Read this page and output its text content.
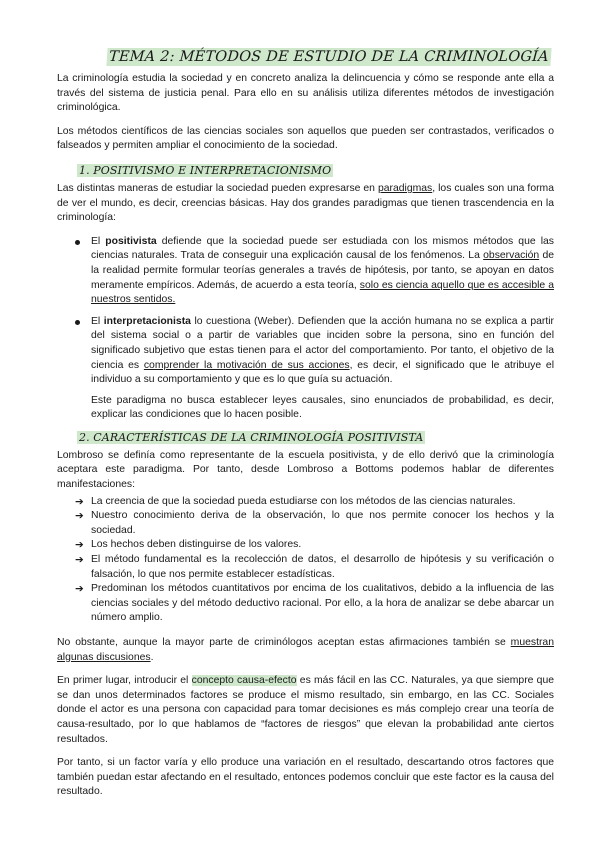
TEMA 2: MÉTODOS DE ESTUDIO DE LA CRIMINOLOGÍA

La criminología estudia la sociedad y en concreto analiza la delincuencia y cómo se responde ante ella a través del sistema de justicia penal. Para ello en su análisis utiliza diferentes métodos de investigación criminológica.

Los métodos científicos de las ciencias sociales son aquellos que pueden ser contrastados, verificados o falseados y permiten ampliar el conocimiento de la sociedad.

1. POSITIVISMO E INTERPRETACIONISMO

Las distintas maneras de estudiar la sociedad pueden expresarse en paradigmas, los cuales son una forma de ver el mundo, es decir, creencias básicas. Hay dos grandes paradigmas que tienen trascendencia en la criminología:

El positivista defiende que la sociedad puede ser estudiada con los mismos métodos que las ciencias naturales. Trata de conseguir una explicación causal de los fenómenos. La observación de la realidad permite formular teorías generales a través de hipótesis, por tanto, se apoyan en datos meramente empíricos. Además, de acuerdo a esta teoría, solo es ciencia aquello que es accesible a nuestros sentidos.

El interpretacionista lo cuestiona (Weber). Defienden que la acción humana no se explica a partir del sistema social o a partir de variables que inciden sobre la persona, sino en función del significado subjetivo que estas tienen para el actor del comportamiento. Por tanto, el objetivo de la ciencia es comprender la motivación de sus acciones, es decir, el significado que le atribuye el individuo a su comportamiento y que es lo que guía su actuación.

Este paradigma no busca establecer leyes causales, sino enunciados de probabilidad, es decir, explicar las condiciones que lo hacen posible.

2. CARACTERÍSTICAS DE LA CRIMINOLOGÍA POSITIVISTA

Lombroso se definía como representante de la escuela positivista, y de ello derivó que la criminología aceptara este paradigma. Por tanto, desde Lombroso a Bottoms podemos hablar de diferentes manifestaciones:

➔ La creencia de que la sociedad pueda estudiarse con los métodos de las ciencias naturales.

➔ Nuestro conocimiento deriva de la observación, lo que nos permite conocer los hechos y la sociedad.

➔ Los hechos deben distinguirse de los valores.

➔ El método fundamental es la recolección de datos, el desarrollo de hipótesis y su verificación o falsación, lo que nos permite establecer estadísticas.

➔ Predominan los métodos cuantitativos por encima de los cualitativos, debido a la influencia de las ciencias sociales y del método deductivo racional. Por ello, a la hora de analizar se debe abarcar un número amplio.

No obstante, aunque la mayor parte de criminólogos aceptan estas afirmaciones también se muestran algunas discusiones.

En primer lugar, introducir el concepto causa-efecto es más fácil en las CC. Naturales, ya que siempre que se dan unos determinados factores se produce el mismo resultado, sin embargo, en las CC. Sociales donde el actor es una persona con capacidad para tomar decisiones es más complejo crear una teoría de causa-resultado, por lo que hablamos de “factores de riesgos” que elevan la probabilidad ante ciertos resultados.

Por tanto, si un factor varía y ello produce una variación en el resultado, descartando otros factores que también puedan estar afectando en el resultado, entonces podemos concluir que este factor es la causa del resultado.
